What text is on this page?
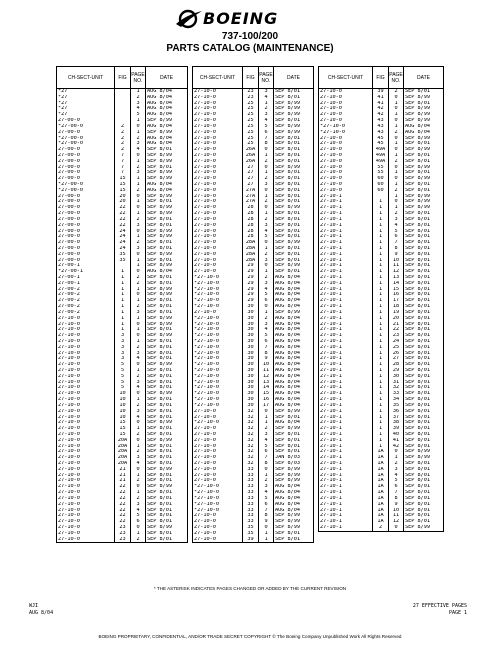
BOEING
737-100/200
PARTS CATALOG (MAINTENANCE)
CH-SECT-UNIT	FIG	PAGE NO.	DATE
*27		1	AUG 8/04
*27		2	AUG 8/04
*27		3	AUG 8/04
*27		4	AUG 8/04
*27		5	AUG 8/04
27-00-0		1	SEP 8/99
*27-00-0	2	0	AUG 8/04
27-00-0	2	1	SEP 8/99
*27-00-0	2	2	AUG 8/04
*27-00-0	2	3	AUG 8/04
27-00-0	2	4	SEP 8/01
27-00-0	7	0	SEP 8/99
27-00-0	7	1	SEP 8/99
27-00-0	7	2	SEP 8/01
27-00-0	7	3	SEP 8/99
27-00-0	15	1	SEP 8/99
*27-00-0	15	1	AUG 8/04
*27-00-0	15	2	AUG 8/04
27-00-0	20	0	SEP 8/99
27-00-0	20	1	SEP 8/01
27-00-0	22	0	SEP 8/99
27-00-0	22	1	SEP 8/99
27-00-0	22	2	SEP 8/01
27-00-0	22	3	SEP 8/01
27-00-0	24	0	SEP 8/99
27-00-0	24	1	SEP 8/99
27-00-0	24	2	SEP 8/01
27-00-0	24	3	SEP 8/01
27-00-0	35	0	SEP 8/99
27-00-0	35	1	SEP 8/01
27-00-1		1	SEP 8/99
*27-00-1	1	0	AUG 8/04
27-00-1	1	2	SEP 8/01
27-00-1	1	2	SEP 8/01
27-00-2	1	1	SEP 8/99
27-00-2	1	0	SEP 8/99
27-00-2	1	1	SEP 8/01
27-00-2	1	2	SEP 8/01
27-00-2	1	3	SEP 8/01
27-10-0	1	1	SEP 8/99
27-10-0	1	0	SEP 8/99
27-10-0	1	1	SEP 8/01
27-10-0	3	0	SEP 8/99
27-10-0	3	1	SEP 8/01
27-10-0	3	2	SEP 8/01
27-10-0	3	3	SEP 8/01
27-10-0	3	4	SEP 8/01
27-10-0	5	0	SEP 8/99
27-10-0	5	1	SEP 8/01
27-10-0	5	2	SEP 8/01
27-10-0	5	3	SEP 8/01
27-10-0	5	4	SEP 8/01
27-10-0	10	0	SEP 8/99
27-10-0	10	1	SEP 8/01
27-10-0	10	2	SEP 8/01
27-10-0	10	3	SEP 8/01
27-10-0	10	4	SEP 8/01
27-10-0	15	0	SEP 8/99
27-10-0	15	1	SEP 8/01
27-10-0	15	2	SEP 8/01
27-10-0	20A	0	SEP 8/99
27-10-0	20A	1	SEP 8/01
27-10-0	20A	2	SEP 8/01
27-10-0	20A	3	SEP 8/01
27-10-0	20A	4	SEP 8/01
27-10-0	21	0	SEP 8/99
27-10-0	21	1	SEP 8/01
27-10-0	21	2	SEP 8/01
27-10-0	22	0	SEP 8/99
27-10-0	22	1	SEP 8/01
27-10-0	22	2	SEP 8/01
27-10-0	22	3	SEP 8/01
27-10-0	22	4	SEP 8/01
27-10-0	22	5	SEP 8/01
27-10-0	22	6	SEP 8/01
27-10-0	23	0	SEP 8/99
27-10-0	23	1	SEP 8/01
27-10-0	23	2	SEP 8/01
CH-SECT-UNIT	FIG	PAGE NO.	DATE
27-10-0	23	3	SEP 8/01
27-10-0	23	4	SEP 8/01
27-10-0	25	1	SEP 8/99
27-10-0	25	2	SEP 8/99
27-10-0	25	3	SEP 8/99
27-10-0	25	4	SEP 8/01
27-10-0	25	5	SEP 8/99
27-10-0	25	6	SEP 8/99
27-10-0	25	7	SEP 8/01
27-10-0	25	8	SEP 8/01
27-10-0	26A	0	SEP 8/01
27-10-0	26A	1	SEP 8/01
27-10-0	26A	2	SEP 8/01
27-10-0	27	0	SEP 8/99
27-10-0	27	1	SEP 8/01
27-10-0	27	2	SEP 8/01
27-10-0	27	3	SEP 8/01
27-10-0	27A	0	SEP 8/01
27-10-0	27A	1	SEP 8/01
27-10-0	27A	2	SEP 8/01
27-10-0	28	0	SEP 8/99
27-10-0	28	1	SEP 8/01
27-10-0	28	2	SEP 8/01
27-10-0	28	3	SEP 8/01
27-10-0	28	4	SEP 8/01
27-10-0	28	5	SEP 8/01
27-10-0	28A	0	SEP 8/99
27-10-0	28A	1	SEP 8/01
27-10-0	28A	2	SEP 8/01
27-10-0	28A	3	SEP 8/01
27-10-0	29	0	SEP 8/99
27-10-0	29	1	SEP 8/01
*27-10-0	29	2	AUG 8/04
*27-10-0	29	3	AUG 8/04
*27-10-0	29	4	AUG 8/04
*27-10-0	29	5	AUG 8/04
*27-10-0	29	6	AUG 8/04
*27-10-0	30	0	AUG 8/04
27-10-0	30	1	SEP 8/99
*27-10-0	30	2	AUG 8/04
*27-10-0	30	3	AUG 8/04
*27-10-0	30	4	AUG 8/04
*27-10-0	30	5	AUG 8/04
*27-10-0	30	6	AUG 8/04
*27-10-0	30	7	AUG 8/04
*27-10-0	30	8	AUG 8/04
*27-10-0	30	9	AUG 8/04
*27-10-0	30	10	AUG 8/04
*27-10-0	30	11	AUG 8/04
*27-10-0	30	12	AUG 8/04
*27-10-0	30	13	AUG 8/04
*27-10-0	30	14	AUG 8/04
*27-10-0	30	15	AUG 8/04
*27-10-0	30	16	AUG 8/04
*27-10-0	30	17	AUG 8/04
27-10-0	32	0	SEP 8/99
27-10-0	32	1	SEP 8/01
*27-10-0	32	1	AUG 8/04
27-10-0	32	2	SEP 8/99
27-10-0	32	3	SEP 8/01
27-10-0	32	4	SEP 8/01
27-10-0	32	5	SEP 8/01
27-10-0	32	6	SEP 8/01
27-10-0	32	7	JAN 8/03
27-10-0	32	8	SEP 8/03
27-10-0	33	0	SEP 8/99
27-10-0	33	1	SEP 8/99
27-10-0	33	2	SEP 8/99
*27-10-0	33	3	AUG 8/04
*27-10-0	33	4	AUG 8/04
*27-10-0	33	5	AUG 8/04
*27-10-0	33	6	AUG 8/04
*27-10-0	33	7	AUG 8/04
27-10-0	33	8	SEP 8/99
27-10-0	33	9	SEP 8/99
27-10-0	35	0	SEP 8/99
27-10-0	35	1	SEP 8/01
27-10-0	39	1	SEP 8/01
CH-SECT-UNIT	FIG	PAGE NO.	DATE
27-10-0	39	2	SEP 8/01
27-10-0	41	0	SEP 8/99
27-10-0	41	1	SEP 8/01
27-10-0	42	0	SEP 8/99
27-10-0	42	1	SEP 8/99
27-10-0	43	0	SEP 8/99
*27-10-0	43	1	AUG 8/04
*27-10-0	43	2	AUG 8/04
27-10-0	45	0	SEP 8/99
27-10-0	45	1	SEP 8/01
27-10-0	49A	0	SEP 8/99
27-10-0	49A	1	SEP 8/01
27-10-0	49A	2	SEP 8/01
27-10-0	55	0	SEP 8/99
27-10-0	55	1	SEP 8/01
27-10-0	60	0	SEP 8/99
27-10-0	60	1	SEP 8/01
27-10-0	60	2	SEP 8/01
27-10-1		1	SEP 8/99
27-10-1	1	0	SEP 8/99
27-10-1	1	1	SEP 8/99
27-10-1	1	2	SEP 8/01
27-10-1	1	3	SEP 8/01
27-10-1	1	4	SEP 8/01
27-10-1	1	5	SEP 8/01
27-10-1	1	6	SEP 8/01
27-10-1	1	7	SEP 8/01
27-10-1	1	8	SEP 8/01
27-10-1	1	9	SEP 8/01
27-10-1	1	10	SEP 8/01
27-10-1	1	11	SEP 8/01
27-10-1	1	12	SEP 8/01
27-10-1	1	13	SEP 8/01
27-10-1	1	14	SEP 8/01
27-10-1	1	15	SEP 8/01
27-10-1	1	16	SEP 8/01
27-10-1	1	17	SEP 8/01
27-10-1	1	18	SEP 8/01
27-10-1	1	19	SEP 8/01
27-10-1	1	20	SEP 8/01
27-10-1	1	21	SEP 8/01
27-10-1	1	22	SEP 8/01
27-10-1	1	23	SEP 8/01
27-10-1	1	24	SEP 8/01
27-10-1	1	25	SEP 8/01
27-10-1	1	26	SEP 8/01
27-10-1	1	27	SEP 8/01
27-10-1	1	28	SEP 8/01
27-10-1	1	29	SEP 8/01
27-10-1	1	30	SEP 8/01
27-10-1	1	31	SEP 8/01
27-10-1	1	32	SEP 8/01
27-10-1	1	33	SEP 8/01
27-10-1	1	34	SEP 8/01
27-10-1	1	35	SEP 8/01
27-10-1	1	36	SEP 8/01
27-10-1	1	37	SEP 8/01
27-10-1	1	38	SEP 8/01
27-10-1	1	39	SEP 8/01
27-10-1	1	40	SEP 8/01
27-10-1	1	41	SEP 8/01
27-10-1	1	42	SEP 8/01
27-10-1	1A	0	SEP 8/99
27-10-1	1A	1	SEP 8/99
27-10-1	1A	2	SEP 8/01
27-10-1	1A	3	SEP 8/01
27-10-1	1A	4	SEP 8/01
27-10-1	1A	5	SEP 8/01
27-10-1	1A	6	SEP 8/01
27-10-1	1A	7	SEP 8/01
27-10-1	1A	8	SEP 8/01
27-10-1	1A	9	SEP 8/01
27-10-1	1A	10	SEP 8/01
27-10-1	1A	11	SEP 8/01
27-10-1	1A	12	SEP 8/01
27-10-1	2	0	SEP 8/99
* THE ASTERISK INDICATES PAGES CHANGED OR ADDED BY THE CURRENT REVISION
WJI
AUG 8/04
27 EFFECTIVE PAGES
PAGE 1
BOEING PROPRIETARY, CONFIDENTIAL, AND/OR TRADE SECRET COPYRIGHT © The Boeing Company Unpublished Work All Rights Reserved
